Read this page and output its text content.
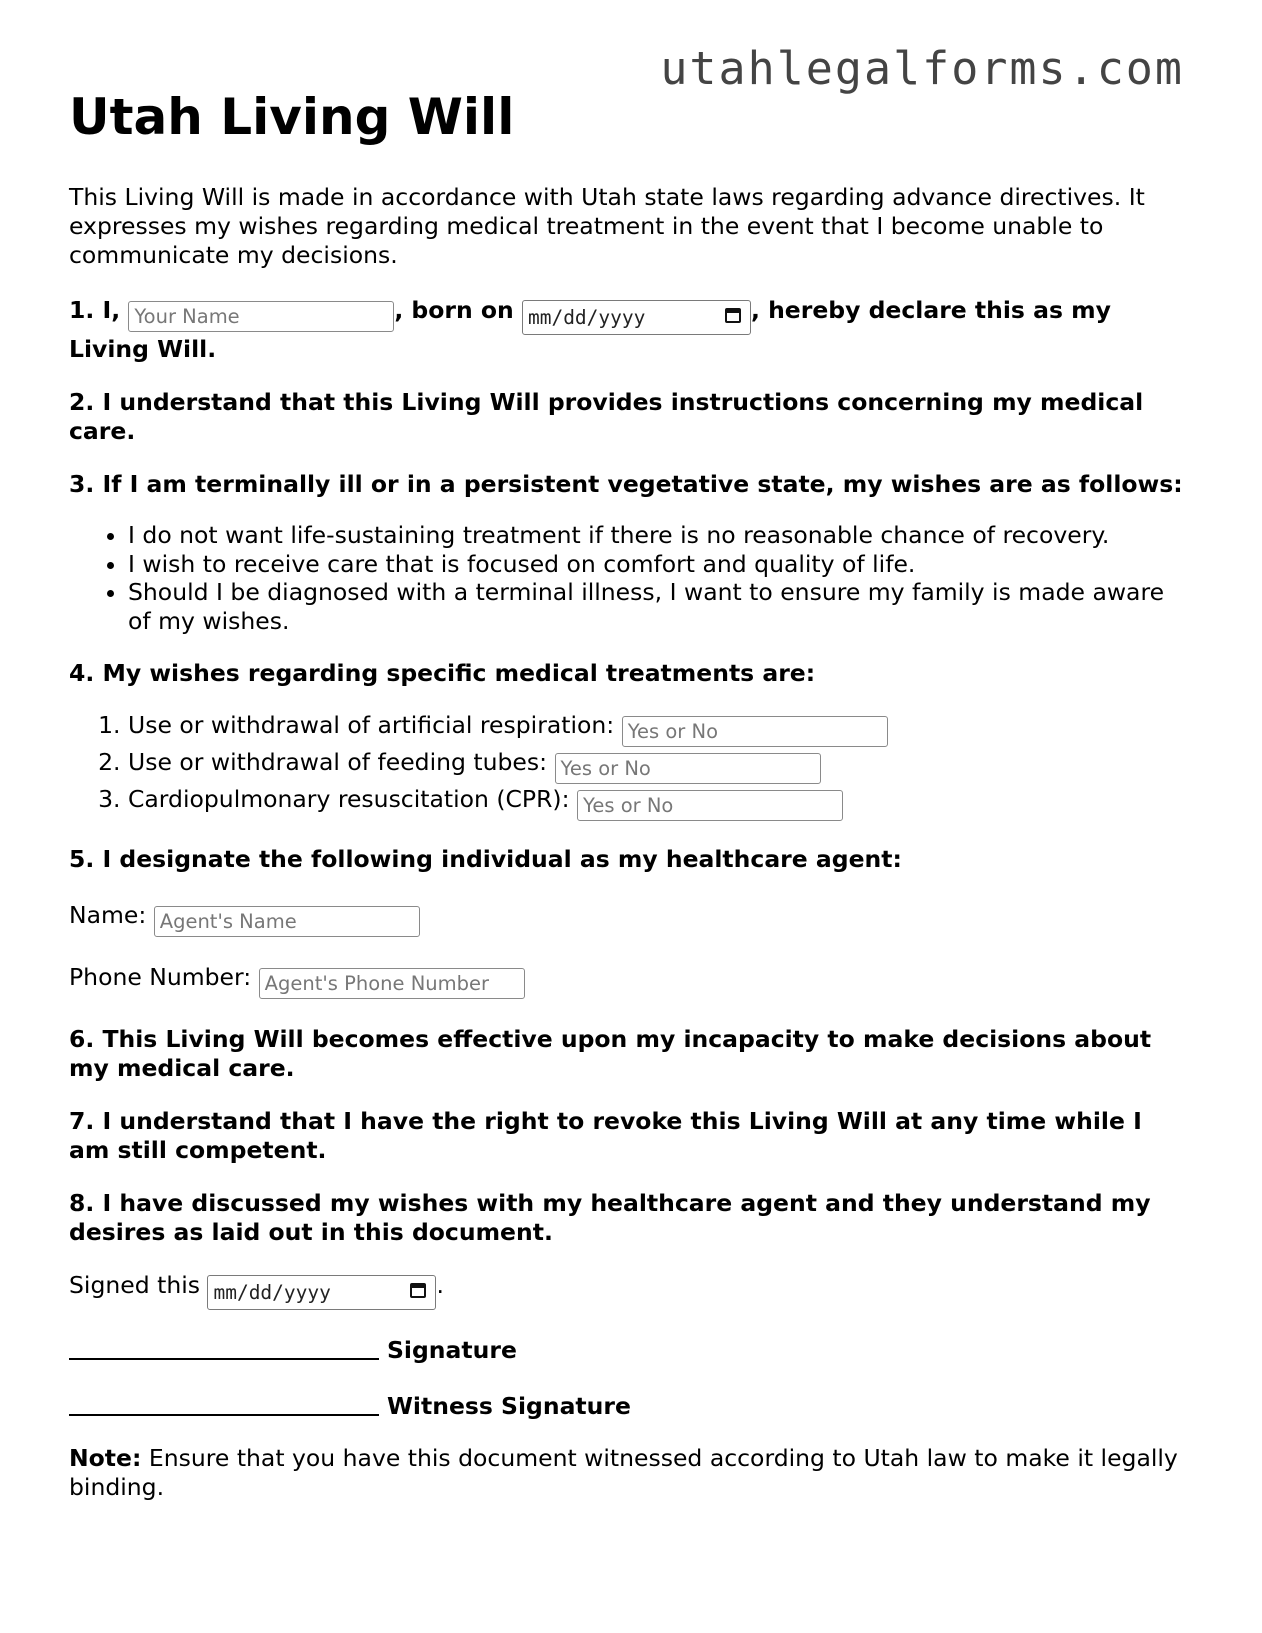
utahlegalforms.com
Utah Living Will

This Living Will is made in accordance with Utah state laws regarding advance directives. It expresses my wishes regarding medical treatment in the event that I become unable to communicate my decisions.

1. I, Your Name	, born on mm/dd/yyyy	, hereby declare this as my Living Will.

2. I understand that this Living Will provides instructions concerning my medical care.

3. If I am terminally ill or in a persistent vegetative state, my wishes are as follows:

• I do not want life-sustaining treatment if there is no reasonable chance of recovery.
• I wish to receive care that is focused on comfort and quality of life.
• Should I be diagnosed with a terminal illness, I want to ensure my family is made aware of my wishes.

4. My wishes regarding specific medical treatments are:

1. Use or withdrawal of artificial respiration: Yes or No
2. Use or withdrawal of feeding tubes: Yes or No
3. Cardiopulmonary resuscitation (CPR): Yes or No

5. I designate the following individual as my healthcare agent:

Name: Agent's Name

Phone Number: Agent's Phone Number

6. This Living Will becomes effective upon my incapacity to make decisions about my medical care.

7. I understand that I have the right to revoke this Living Will at any time while I am still competent.

8. I have discussed my wishes with my healthcare agent and they understand my desires as laid out in this document.

Signed this mm/dd/yyyy	.

Signature

Witness Signature

Note: Ensure that you have this document witnessed according to Utah law to make it legally binding.
